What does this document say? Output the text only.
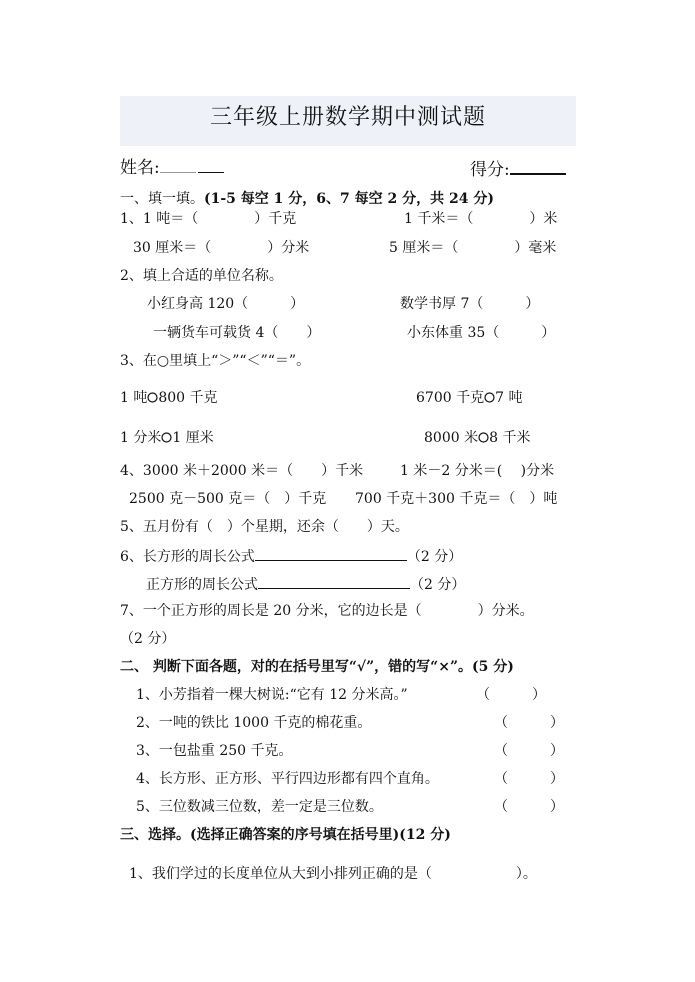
三年级上册数学期中测试题
姓名:	得分:
一、填一填。(1-5 每空 1 分，6、7 每空 2 分，共 24 分)
1、1 吨＝（　　　　）千克	1 千米＝（　　　　）米
30 厘米＝（　　　　）分米	5 厘米＝（　　　　）毫米
2、填上合适的单位名称。
小红身高 120（　　　）	数学书厚 7（　　　）
一辆货车可载货 4（　　）	小东体重 35（　　　）
3、在○里填上“＞”“＜”“＝”。
1 吨 800 千克	6700 千克 7 吨
1 分米 1 厘米	8000 米 8 千米
4、3000 米＋2000 米＝（　　）千米	1 米－2 分米＝(　 )分米
2500 克－500 克＝（　）千克 700 千克＋300 千克＝（　）吨
5、五月份有（　）个星期，还余（　　）天。
6、长方形的周长公式	（2 分）
正方形的周长公式	（2 分）
7、一个正方形的周长是 20 分米，它的边长是（　　　　）分米。
（2 分）
二、 判断下面各题，对的在括号里写“√”，错的写“×”。(5 分)
1、小芳指着一棵大树说:“它有 12 分米高。”	（　　　）
2、一吨的铁比 1000 千克的棉花重。	（　　　）
3、一包盐重 250 千克。	（　　　）
4、长方形、正方形、平行四边形都有四个直角。	（　　　）
5、三位数减三位数，差一定是三位数。	（　　　）
三、选择。(选择正确答案的序号填在括号里)(12 分)
1、我们学过的长度单位从大到小排列正确的是（　　　　　　）。
